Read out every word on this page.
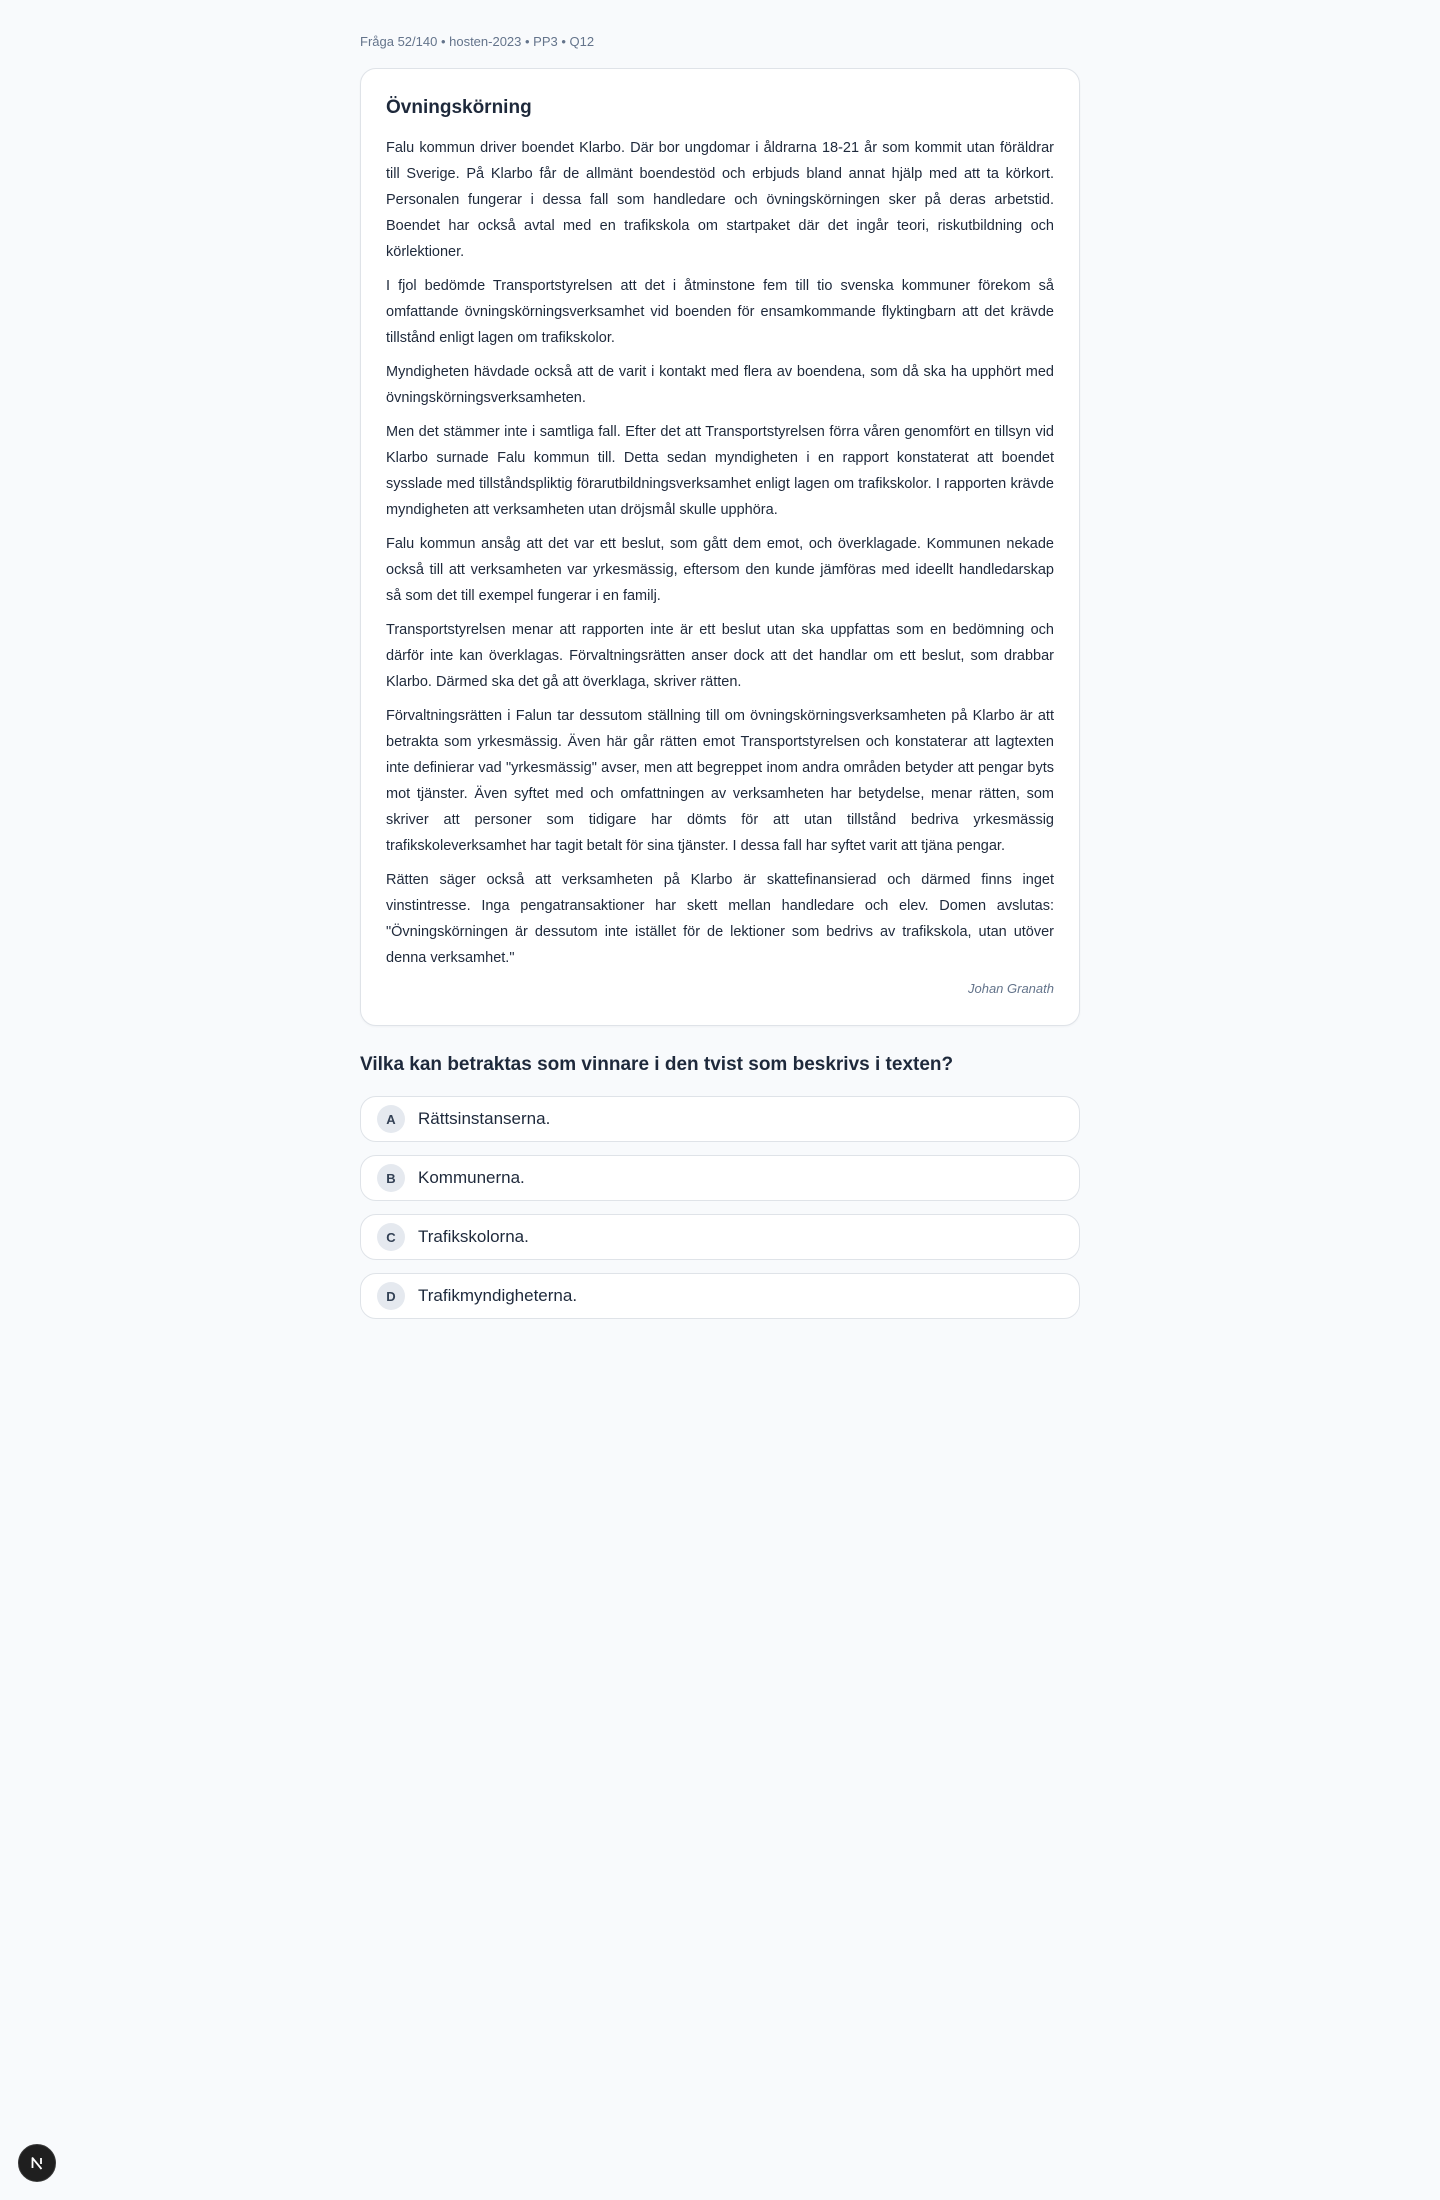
Fråga 52/140 • hosten-2023 • PP3 • Q12
Övningskörning

Falu kommun driver boendet Klarbo. Där bor ungdomar i åldrarna 18-21 år som kommit utan föräldrar till Sverige. På Klarbo får de allmänt boendestöd och erbjuds bland annat hjälp med att ta körkort. Personalen fungerar i dessa fall som handledare och övningskörningen sker på deras arbetstid. Boendet har också avtal med en trafikskola om startpaket där det ingår teori, riskutbildning och körlektioner.

I fjol bedömde Transportstyrelsen att det i åtminstone fem till tio svenska kommuner förekom så omfattande övningskörningsverksamhet vid boenden för ensamkommande flyktingbarn att det krävde tillstånd enligt lagen om trafikskolor.

Myndigheten hävdade också att de varit i kontakt med flera av boendena, som då ska ha upphört med övningskörningsverksamheten.

Men det stämmer inte i samtliga fall. Efter det att Transportstyrelsen förra våren genomfört en tillsyn vid Klarbo surnade Falu kommun till. Detta sedan myndigheten i en rapport konstaterat att boendet sysslade med tillståndspliktig förarutbildningsverksamhet enligt lagen om trafikskolor. I rapporten krävde myndigheten att verksamheten utan dröjsmål skulle upphöra.

Falu kommun ansåg att det var ett beslut, som gått dem emot, och överklagade. Kommunen nekade också till att verksamheten var yrkesmässig, eftersom den kunde jämföras med ideellt handledarskap så som det till exempel fungerar i en familj.

Transportstyrelsen menar att rapporten inte är ett beslut utan ska uppfattas som en bedömning och därför inte kan överklagas. Förvaltningsrätten anser dock att det handlar om ett beslut, som drabbar Klarbo. Därmed ska det gå att överklaga, skriver rätten.

Förvaltningsrätten i Falun tar dessutom ställning till om övningskörningsverksamheten på Klarbo är att betrakta som yrkesmässig. Även här går rätten emot Transportstyrelsen och konstaterar att lagtexten inte definierar vad "yrkesmässig" avser, men att begreppet inom andra områden betyder att pengar byts mot tjänster. Även syftet med och omfattningen av verksamheten har betydelse, menar rätten, som skriver att personer som tidigare har dömts för att utan tillstånd bedriva yrkesmässig trafikskoleverksamhet har tagit betalt för sina tjänster. I dessa fall har syftet varit att tjäna pengar.

Rätten säger också att verksamheten på Klarbo är skattefinansierad och därmed finns inget vinstintresse. Inga pengatransaktioner har skett mellan handledare och elev. Domen avslutas: "Övningskörningen är dessutom inte istället för de lektioner som bedrivs av trafikskola, utan utöver denna verksamhet."

Johan Granath
Vilka kan betraktas som vinnare i den tvist som beskrivs i texten?
A	Rättsinstanserna.
B	Kommunerna.
C	Trafikskolorna.
D	Trafikmyndigheterna.
